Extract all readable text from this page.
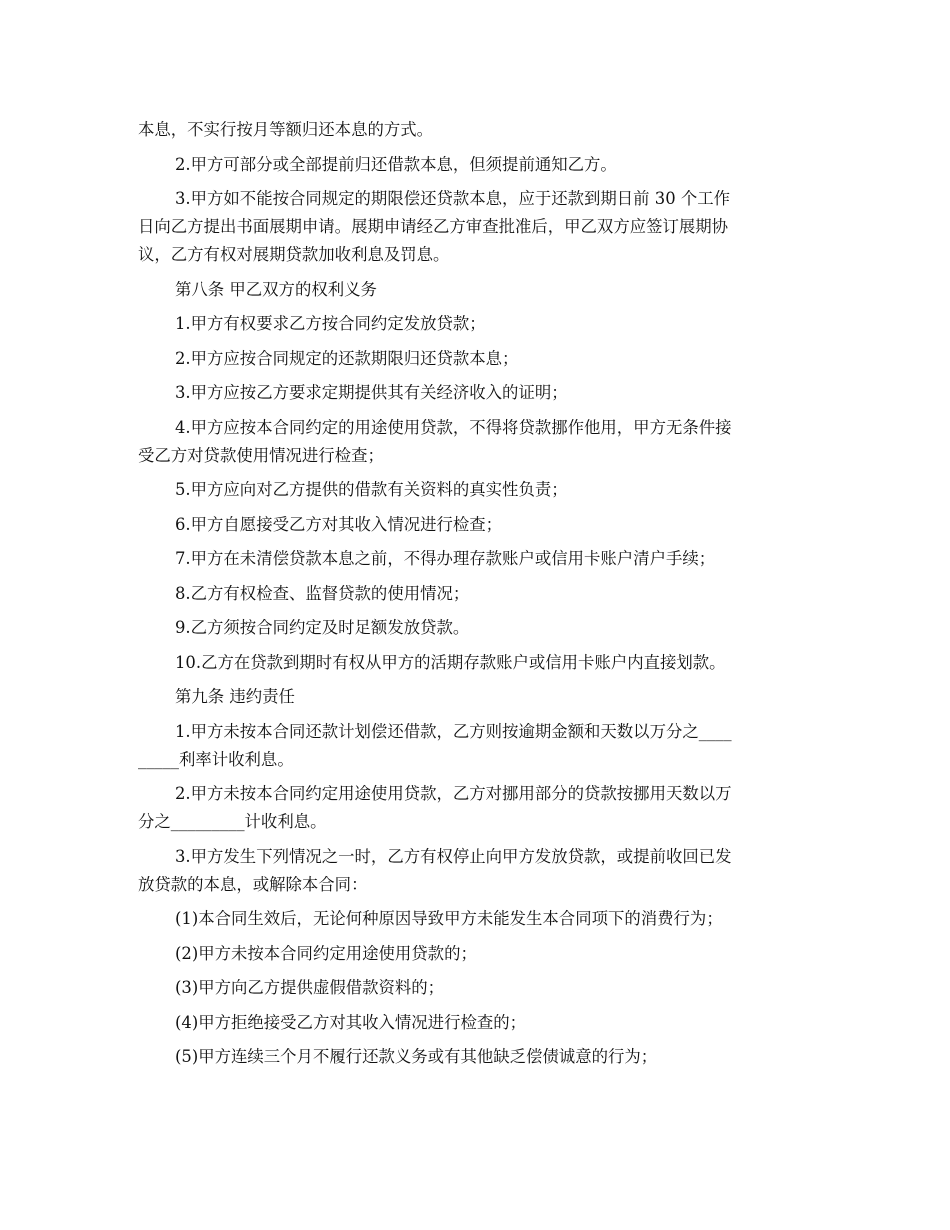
本息，不实行按月等额归还本息的方式。

2.甲方可部分或全部提前归还借款本息，但须提前通知乙方。

3.甲方如不能按合同规定的期限偿还贷款本息，应于还款到期日前 30 个工作
日向乙方提出书面展期申请。展期申请经乙方审查批准后，甲乙双方应签订展期协
议，乙方有权对展期贷款加收利息及罚息。

第八条 甲乙双方的权利义务

1.甲方有权要求乙方按合同约定发放贷款；

2.甲方应按合同规定的还款期限归还贷款本息；

3.甲方应按乙方要求定期提供其有关经济收入的证明；

4.甲方应按本合同约定的用途使用贷款，不得将贷款挪作他用，甲方无条件接
受乙方对贷款使用情况进行检查；

5.甲方应向对乙方提供的借款有关资料的真实性负责；

6.甲方自愿接受乙方对其收入情况进行检查；

7.甲方在未清偿贷款本息之前，不得办理存款账户或信用卡账户清户手续；

8.乙方有权检查、监督贷款的使用情况；

9.乙方须按合同约定及时足额发放贷款。

10.乙方在贷款到期时有权从甲方的活期存款账户或信用卡账户内直接划款。

第九条 违约责任

1.甲方未按本合同还款计划偿还借款，乙方则按逾期金额和天数以万分之____
_____利率计收利息。

2.甲方未按本合同约定用途使用贷款，乙方对挪用部分的贷款按挪用天数以万
分之_________计收利息。

3.甲方发生下列情况之一时，乙方有权停止向甲方发放贷款，或提前收回已发
放贷款的本息，或解除本合同：

(1)本合同生效后，无论何种原因导致甲方未能发生本合同项下的消费行为；

(2)甲方未按本合同约定用途使用贷款的；

(3)甲方向乙方提供虚假借款资料的；

(4)甲方拒绝接受乙方对其收入情况进行检查的；

(5)甲方连续三个月不履行还款义务或有其他缺乏偿债诚意的行为；
